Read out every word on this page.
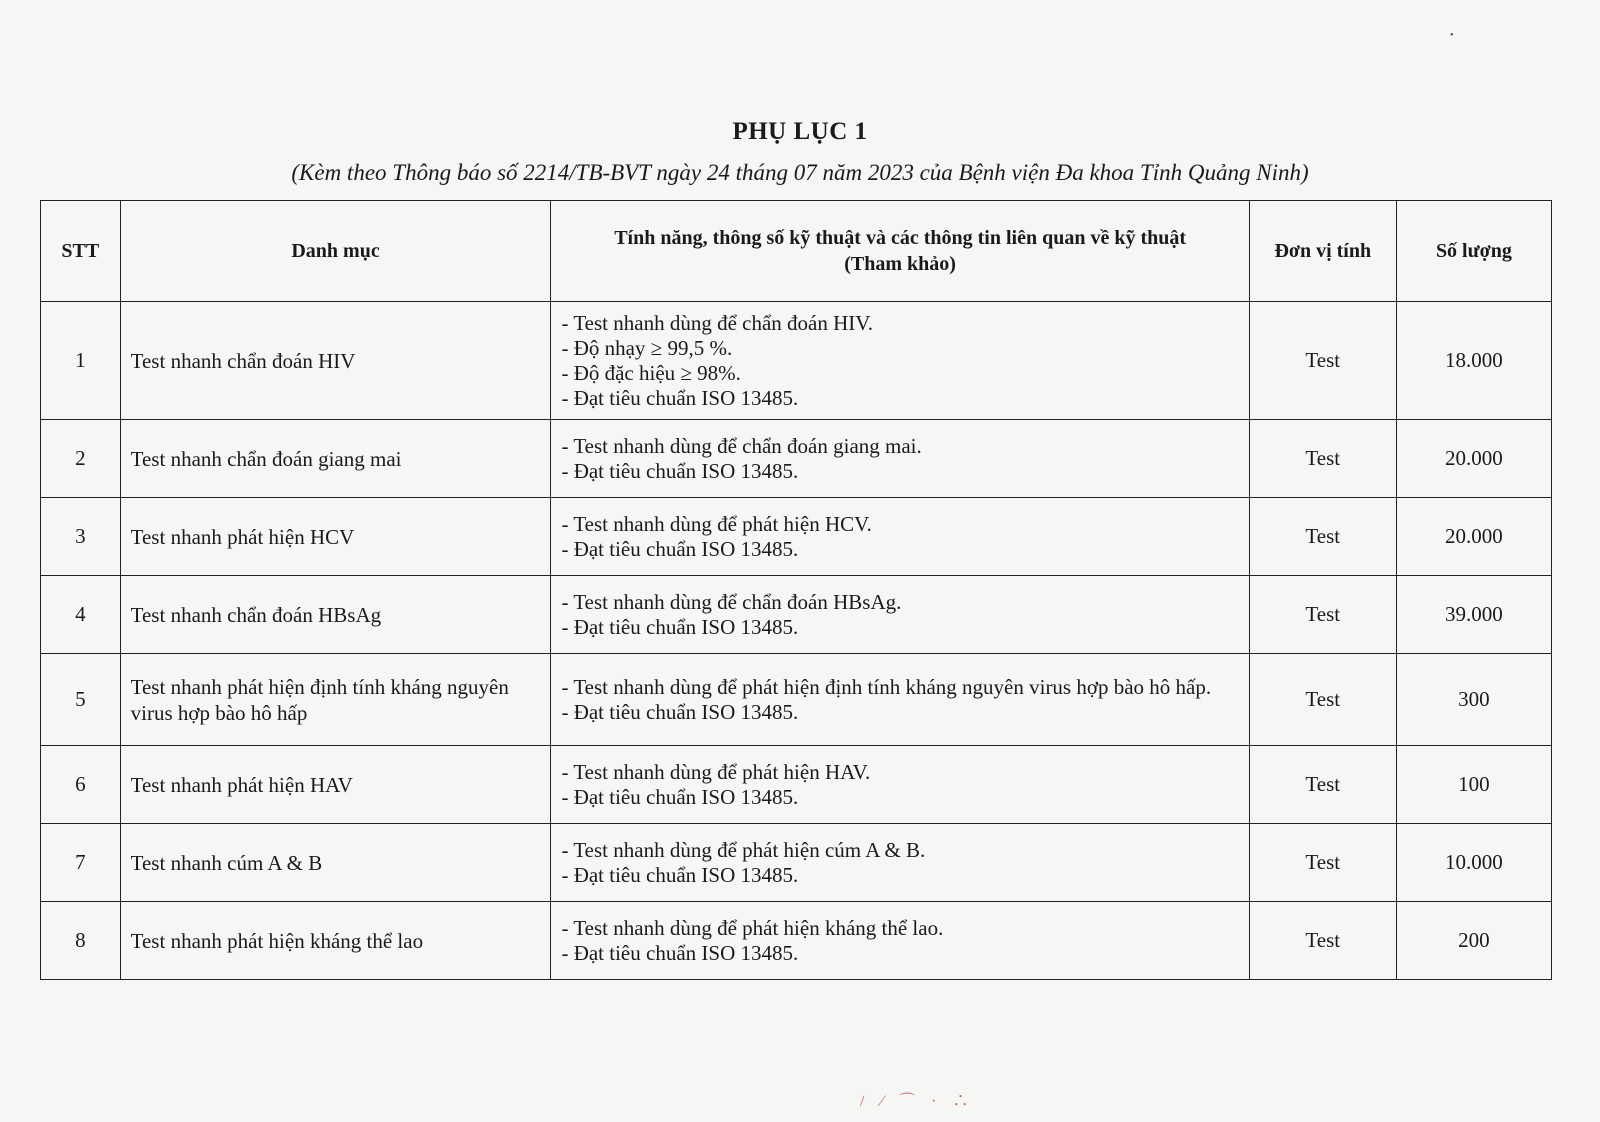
•
PHỤ LỤC 1
(Kèm theo Thông báo số 2214/TB-BVT ngày 24 tháng 07 năm 2023 của Bệnh viện Đa khoa Tỉnh Quảng Ninh)
STT	Danh mục	Tính năng, thông số kỹ thuật và các thông tin liên quan về kỹ thuật
(Tham khảo)	Đơn vị tính	Số lượng
1	Test nhanh chẩn đoán HIV	- Test nhanh dùng để chẩn đoán HIV.
- Độ nhạy ≥ 99,5 %.
- Độ đặc hiệu ≥ 98%.
- Đạt tiêu chuẩn ISO 13485.	Test	18.000
2	Test nhanh chẩn đoán giang mai	- Test nhanh dùng để chẩn đoán giang mai.
- Đạt tiêu chuẩn ISO 13485.	Test	20.000
3	Test nhanh phát hiện HCV	- Test nhanh dùng để phát hiện HCV.
- Đạt tiêu chuẩn ISO 13485.	Test	20.000
4	Test nhanh chẩn đoán HBsAg	- Test nhanh dùng để chẩn đoán HBsAg.
- Đạt tiêu chuẩn ISO 13485.	Test	39.000
5	Test nhanh phát hiện định tính kháng nguyên virus hợp bào hô hấp	- Test nhanh dùng để phát hiện định tính kháng nguyên virus hợp bào hô hấp.
- Đạt tiêu chuẩn ISO 13485.	Test	300
6	Test nhanh phát hiện HAV	- Test nhanh dùng để phát hiện HAV.
- Đạt tiêu chuẩn ISO 13485.	Test	100
7	Test nhanh cúm A & B	- Test nhanh dùng để phát hiện cúm A & B.
- Đạt tiêu chuẩn ISO 13485.	Test	10.000
8	Test nhanh phát hiện kháng thể lao	- Test nhanh dùng để phát hiện kháng thể lao.
- Đạt tiêu chuẩn ISO 13485.	Test	200
/ ⁄ ⌒ · ∴
